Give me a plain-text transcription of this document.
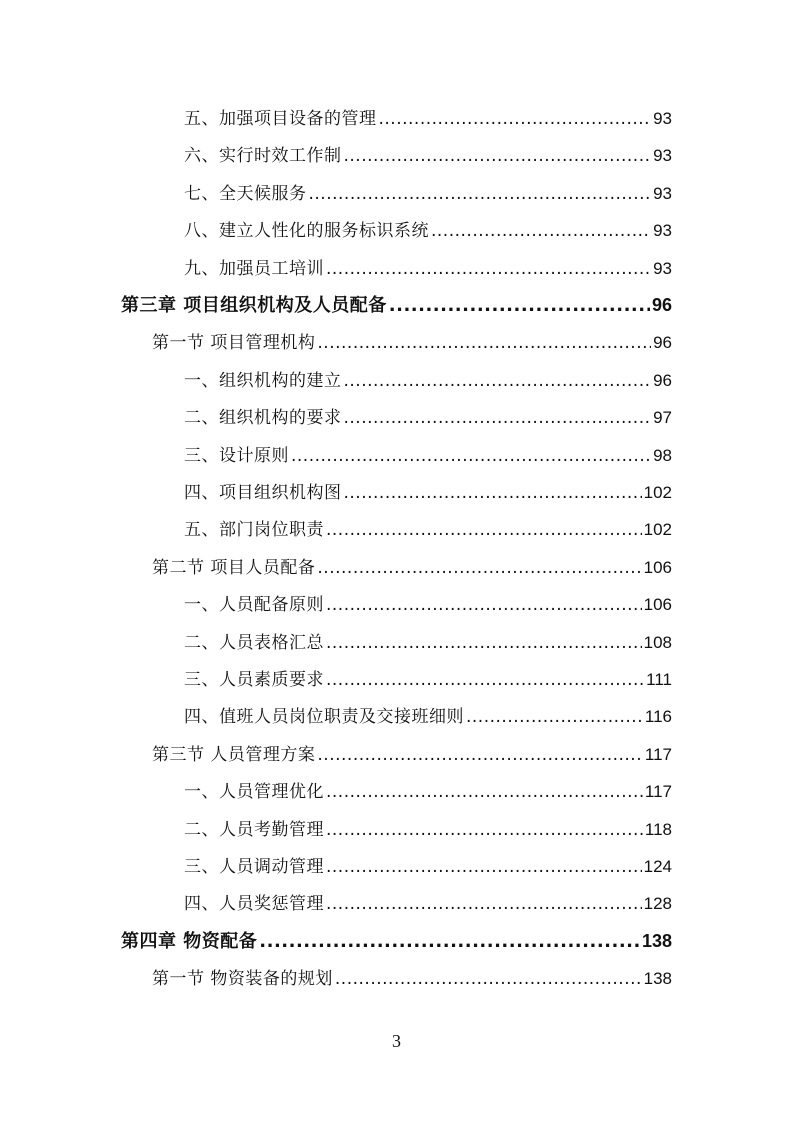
五、加强项目设备的管理 .....	93
六、实行时效工作制 .....	93
七、全天候服务 .....	93
八、建立人性化的服务标识系统 .....	93
九、加强员工培训 .....	93
第三章 项目组织机构及人员配备 .....	96
第一节 项目管理机构 .....	96
一、组织机构的建立 .....	96
二、组织机构的要求 .....	97
三、设计原则 .....	98
四、项目组织机构图 .....	102
五、部门岗位职责 .....	102
第二节 项目人员配备 .....	106
一、人员配备原则 .....	106
二、人员表格汇总 .....	108
三、人员素质要求 .....	111
四、值班人员岗位职责及交接班细则 .....	116
第三节 人员管理方案 .....	117
一、人员管理优化 .....	117
二、人员考勤管理 .....	118
三、人员调动管理 .....	124
四、人员奖惩管理 .....	128
第四章 物资配备 .....	138
第一节 物资装备的规划 .....	138
3
